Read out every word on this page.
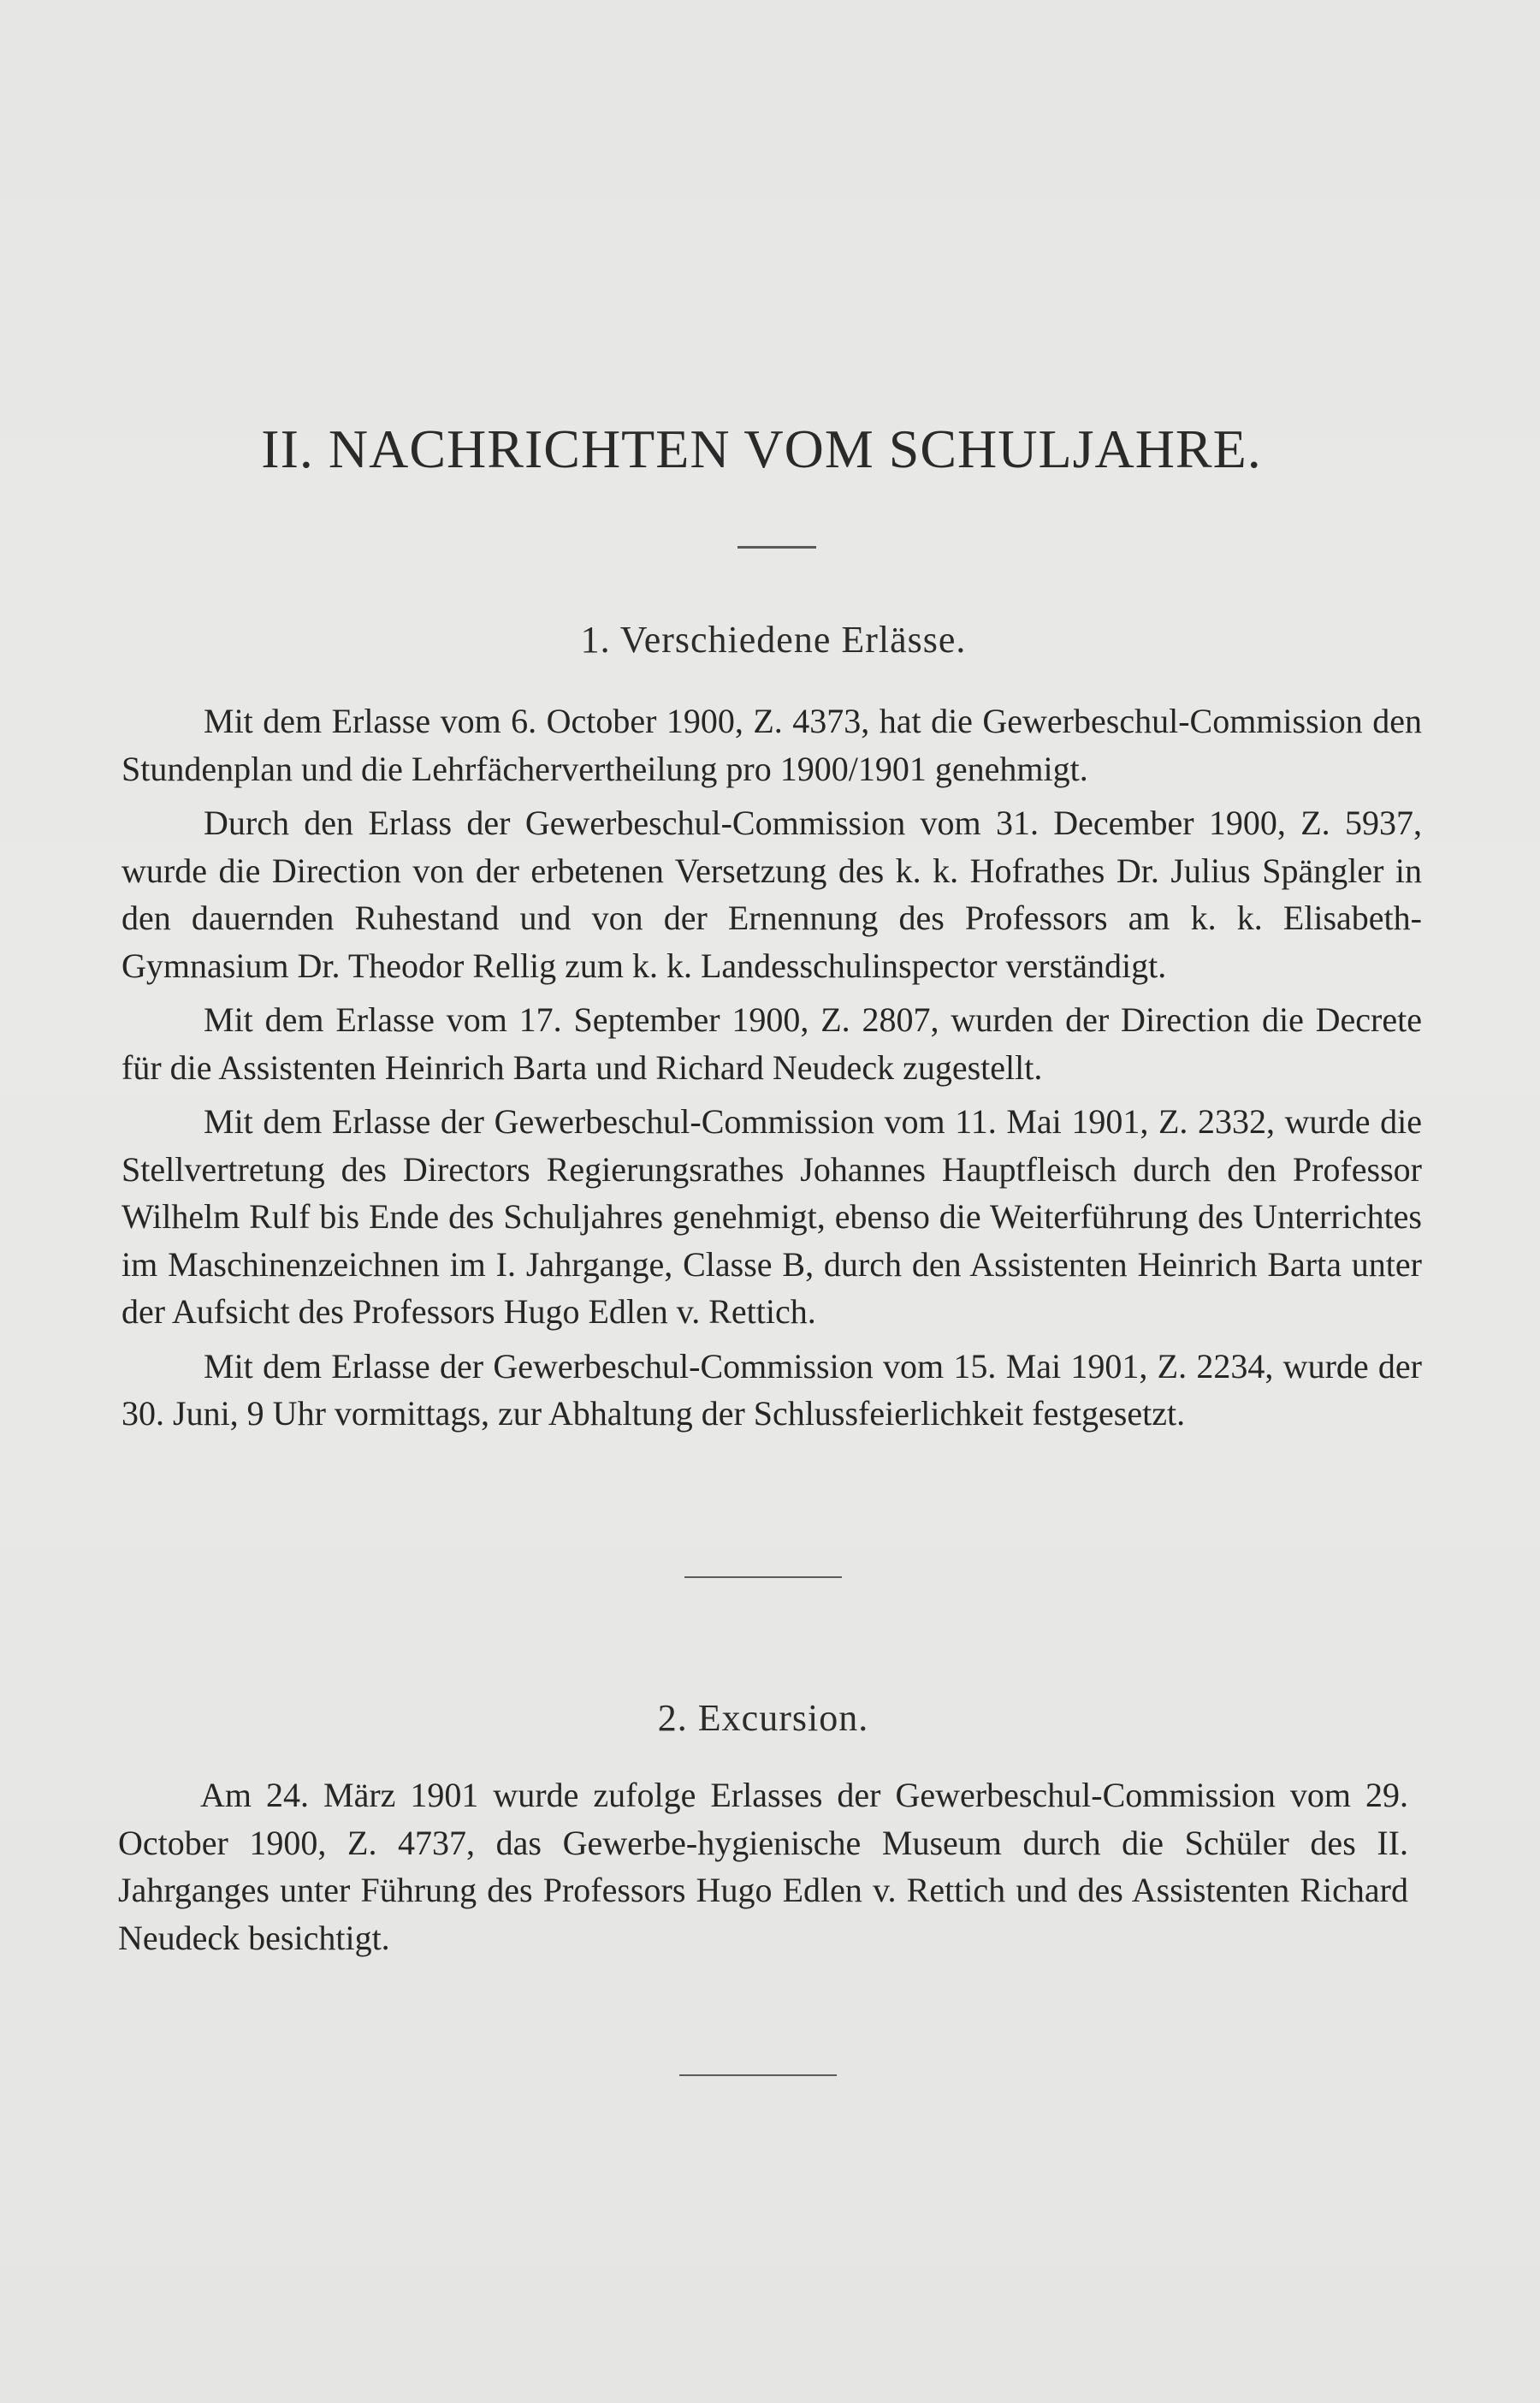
II. NACHRICHTEN VOM SCHULJAHRE.
1. Verschiedene Erlässe.

Mit dem Erlasse vom 6. October 1900, Z. 4373, hat die Gewerbeschul-Commission den Stundenplan und die Lehrfächervertheilung pro 1900/1901 genehmigt.

Durch den Erlass der Gewerbeschul-Commission vom 31. December 1900, Z. 5937, wurde die Direction von der erbetenen Versetzung des k. k. Hofrathes Dr. Julius Spängler in den dauernden Ruhestand und von der Ernennung des Professors am k. k. Elisabeth-Gymnasium Dr. Theodor Rellig zum k. k. Landesschulinspector verständigt.

Mit dem Erlasse vom 17. September 1900, Z. 2807, wurden der Direction die Decrete für die Assistenten Heinrich Barta und Richard Neudeck zugestellt.

Mit dem Erlasse der Gewerbeschul-Commission vom 11. Mai 1901, Z. 2332, wurde die Stellvertretung des Directors Regierungsrathes Johannes Hauptfleisch durch den Professor Wilhelm Rulf bis Ende des Schuljahres genehmigt, ebenso die Weiterführung des Unterrichtes im Maschinenzeichnen im I. Jahrgange, Classe B, durch den Assistenten Heinrich Barta unter der Aufsicht des Professors Hugo Edlen v. Rettich.

Mit dem Erlasse der Gewerbeschul-Commission vom 15. Mai 1901, Z. 2234, wurde der 30. Juni, 9 Uhr vormittags, zur Abhaltung der Schlussfeierlichkeit festgesetzt.

2. Excursion.

Am 24. März 1901 wurde zufolge Erlasses der Gewerbeschul-Commission vom 29. October 1900, Z. 4737, das Gewerbe-hygienische Museum durch die Schüler des II. Jahrganges unter Führung des Professors Hugo Edlen v. Rettich und des Assistenten Richard Neudeck besichtigt.
